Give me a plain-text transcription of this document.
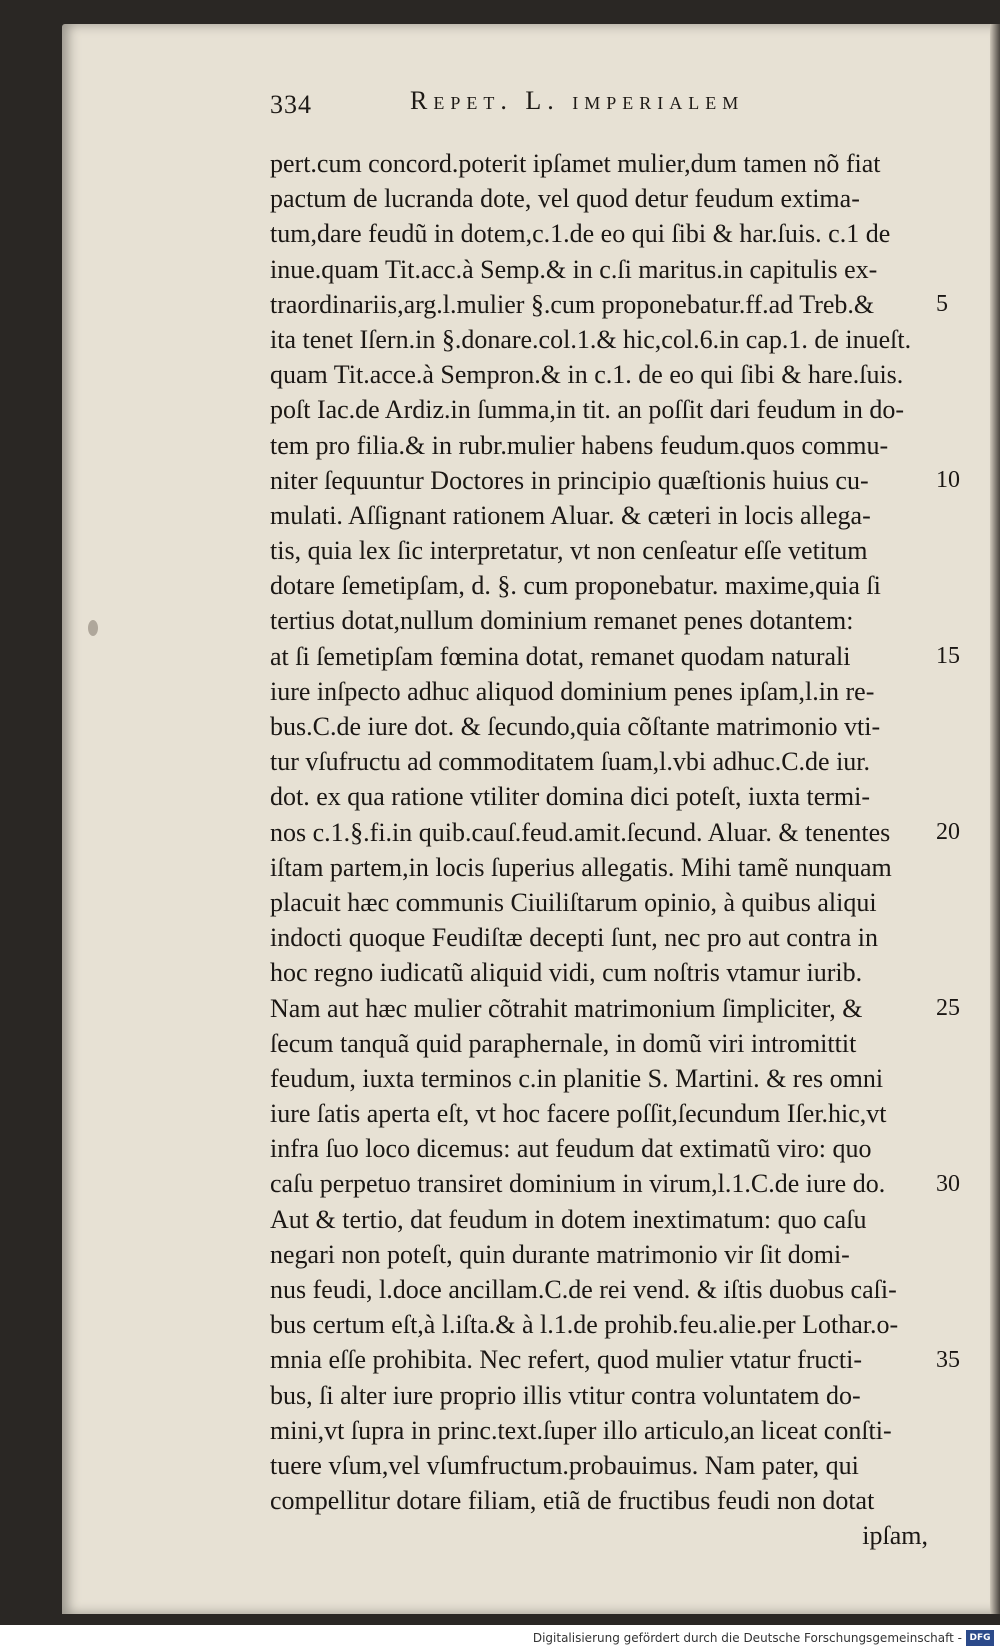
334	Repet. L. imperialem
pert.cum concord.poterit ipſamet mulier,dum tamen nõ fiat
pactum de lucranda dote, vel quod detur feudum extima-
tum,dare feudũ in dotem,c.1.de eo qui ſibi & har.ſuis. c.1 de
inue.quam Tit.acc.à Semp.& in c.ſi maritus.in capitulis ex-
traordinariis,arg.l.mulier §.cum proponebatur.ff.ad Treb.&
ita tenet Iſern.in §.donare.col.1.& hic,col.6.in cap.1. de inueſt.
quam Tit.acce.à Sempron.& in c.1. de eo qui ſibi & hare.ſuis.
poſt Iac.de Ardiz.in ſumma,in tit. an poſſit dari feudum in do-
tem pro filia.& in rubr.mulier habens feudum.quos commu-
niter ſequuntur Doctores in principio quæſtionis huius cu-
mulati. Aſſignant rationem Aluar. & cæteri in locis allega-
tis, quia lex ſic interpretatur, vt non cenſeatur eſſe vetitum
dotare ſemetipſam, d. §. cum proponebatur. maxime,quia ſi
tertius dotat,nullum dominium remanet penes dotantem:
at ſi ſemetipſam fœmina dotat, remanet quodam naturali
iure inſpecto adhuc aliquod dominium penes ipſam,l.in re-
bus.C.de iure dot. & ſecundo,quia cõſtante matrimonio vti-
tur vſufructu ad commoditatem ſuam,l.vbi adhuc.C.de iur.
dot. ex qua ratione vtiliter domina dici poteſt, iuxta termi-
nos c.1.§.fi.in quib.cauſ.feud.amit.ſecund. Aluar. & tenentes
iſtam partem,in locis ſuperius allegatis. Mihi tamẽ nunquam
placuit hæc communis Ciuiliſtarum opinio, à quibus aliqui
indocti quoque Feudiſtæ decepti ſunt, nec pro aut contra in
hoc regno iudicatũ aliquid vidi, cum noſtris vtamur iurib.
Nam aut hæc mulier cõtrahit matrimonium ſimpliciter, &
ſecum tanquã quid paraphernale, in domũ viri intromittit
feudum, iuxta terminos c.in planitie S. Martini. & res omni
iure ſatis aperta eſt, vt hoc facere poſſit,ſecundum Iſer.hic,vt
infra ſuo loco dicemus: aut feudum dat extimatũ viro: quo
caſu perpetuo transiret dominium in virum,l.1.C.de iure do.
Aut & tertio, dat feudum in dotem inextimatum: quo caſu
negari non poteſt, quin durante matrimonio vir ſit domi-
nus feudi, l.doce ancillam.C.de rei vend. & iſtis duobus caſi-
bus certum eſt,à l.iſta.& à l.1.de prohib.feu.alie.per Lothar.o-
mnia eſſe prohibita. Nec refert, quod mulier vtatur fructi-
bus, ſi alter iure proprio illis vtitur contra voluntatem do-
mini,vt ſupra in princ.text.ſuper illo articulo,an liceat conſti-
tuere vſum,vel vſumfructum.probauimus. Nam pater, qui
compellitur dotare filiam, etiã de fructibus feudi non dotat
ipſam,
5
10
15
20
25
30
35
Digitalisierung gefördert durch die Deutsche Forschungsgemeinschaft - DFG
